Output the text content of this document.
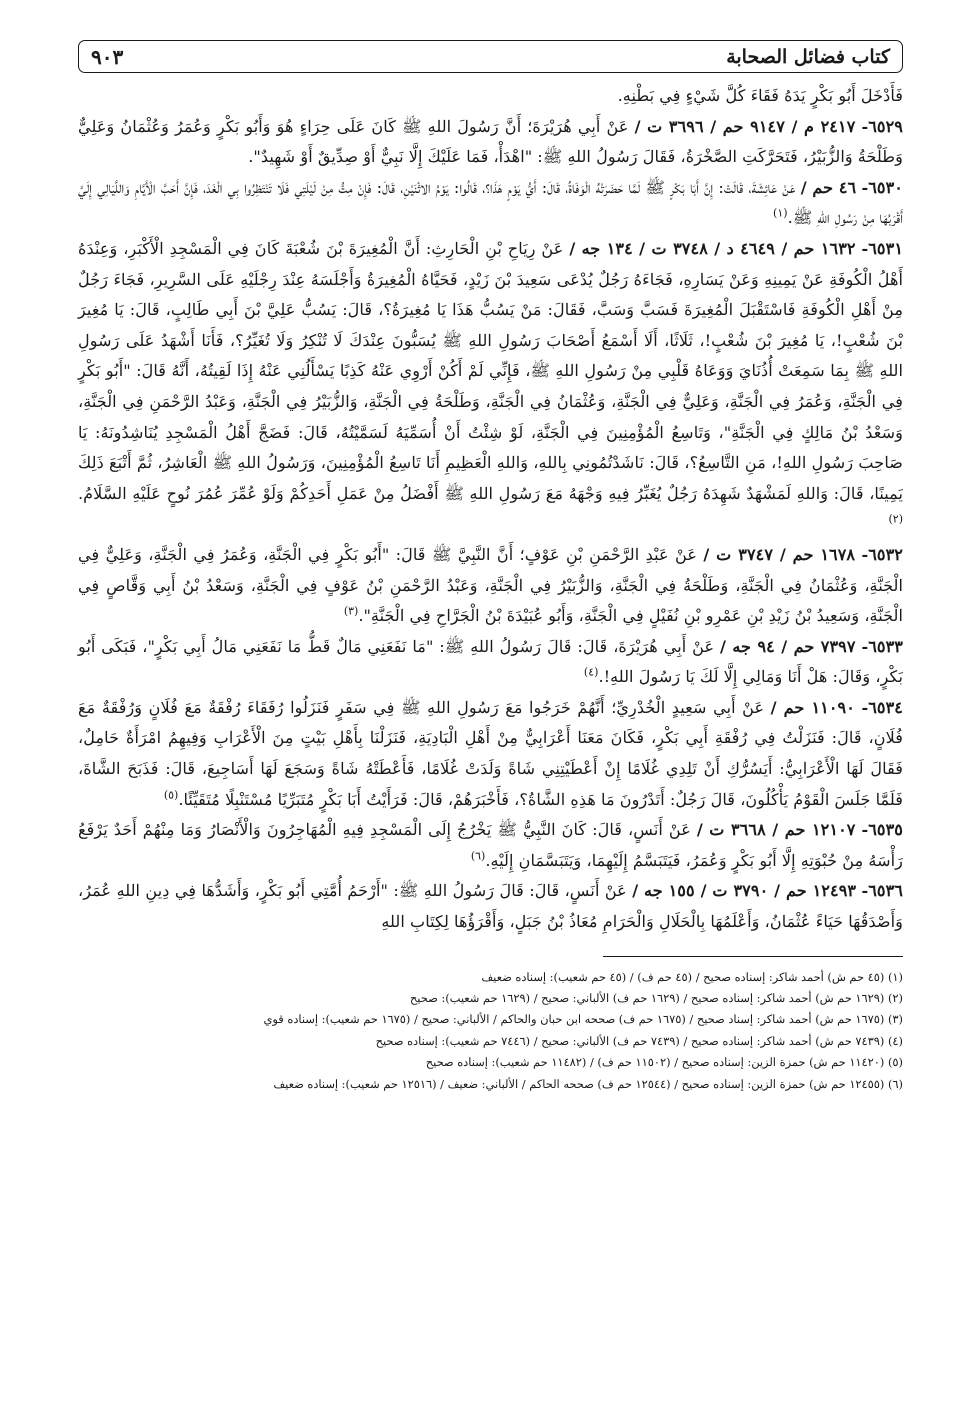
كتاب فضائل الصحابة
٩٠٣

فَأَدْخَلَ أَبُو بَكْرٍ يَدَهُ فَقَاءَ كُلَّ شَيْءٍ فِي بَطْنِهِ.

٦٥٢٩- ٢٤١٧ م / ٩١٤٧ حم / ٣٦٩٦ ت / عَنْ أَبِي هُرَيْرَةَ؛ أَنَّ رَسُولَ اللهِ ﷺ كَانَ عَلَى حِرَاءٍ هُوَ وَأَبُو بَكْرٍ وَعُمَرُ وَعُثْمَانُ وَعَلِيٌّ وَطَلْحَةُ وَالزُّبَيْرُ، فَتَحَرَّكَتِ الصَّخْرَةُ، فَقَالَ رَسُولُ اللهِ ﷺ: "اهْدَأْ، فَمَا عَلَيْكَ إِلَّا نَبِيٌّ أَوْ صِدِّيقٌ أَوْ شَهِيدٌ".

٦٥٣٠- ٤٦ حم / عَنْ عَائِشَةَ، قَالَتْ: إِنَّ أَبَا بَكْرٍ ﷺ لَمَّا حَضَرَتْهُ الْوَفَاةُ، قَالَ: أَيُّ يَوْمٍ هَذَا؟، قَالُوا: يَوْمُ الاثْنَيْنِ، قَالَ: فَإِنْ مِتُّ مِنْ لَيْلَتِي فَلَا تَنْتَظِرُوا بِي الْغَدَ، فَإِنَّ أَحَبَّ الْأَيَّامِ وَاللَّيَالِي إِلَيَّ أَقْرَبُهَا مِنْ رَسُولِ اللهِ ﷺ.$^{(١)}$

٦٥٣١- ١٦٣٢ حم / ٤٦٤٩ د / ٣٧٤٨ ت / ١٣٤ جه / عَنْ رِيَاحِ بْنِ الْحَارِثِ: أَنَّ الْمُغِيرَةَ بْنَ شُعْبَةَ كَانَ فِي الْمَسْجِدِ الْأَكْبَرِ، وَعِنْدَهُ أَهْلُ الْكُوفَةِ عَنْ يَمِينِهِ وَعَنْ يَسَارِهِ، فَجَاءَهُ رَجُلٌ يُدْعَى سَعِيدَ بْنَ زَيْدٍ، فَحَيَّاهُ الْمُغِيرَةُ وَأَجْلَسَهُ عِنْدَ رِجْلَيْهِ عَلَى السَّرِيرِ، فَجَاءَ رَجُلٌ مِنْ أَهْلِ الْكُوفَةِ فَاسْتَقْبَلَ الْمُغِيرَةَ فَسَبَّ وَسَبَّ، فَقَالَ: مَنْ يَسُبُّ هَذَا يَا مُغِيرَةُ؟، قَالَ: يَسُبُّ عَلِيَّ بْنَ أَبِي طَالِبٍ، قَالَ: يَا مُغِيرَ بْنَ شُعْبٍ!، يَا مُغِيرَ بْنَ شُعْبٍ!، ثَلَاثًا، أَلَا أَسْمَعُ أَصْحَابَ رَسُولِ اللهِ ﷺ يُسَبُّونَ عِنْدَكَ لَا تُنْكِرُ وَلَا تُغَيِّرُ؟، فَأَنَا أَشْهَدُ عَلَى رَسُولِ اللهِ ﷺ بِمَا سَمِعَتْ أُذُنَايَ وَوَعَاهُ قَلْبِي مِنْ رَسُولِ اللهِ ﷺ، فَإِنِّي لَمْ أَكُنْ أَرْوِي عَنْهُ كَذِبًا يَسْأَلُنِي عَنْهُ إِذَا لَقِيتُهُ، أَنَّهُ قَالَ: "أَبُو بَكْرٍ فِي الْجَنَّةِ، وَعُمَرُ فِي الْجَنَّةِ، وَعَلِيٌّ فِي الْجَنَّةِ، وَعُثْمَانُ فِي الْجَنَّةِ، وَطَلْحَةُ فِي الْجَنَّةِ، وَالزُّبَيْرُ فِي الْجَنَّةِ، وَعَبْدُ الرَّحْمَنِ فِي الْجَنَّةِ، وَسَعْدُ بْنُ مَالِكٍ فِي الْجَنَّةِ"، وَتَاسِعُ الْمُؤْمِنِينَ فِي الْجَنَّةِ، لَوْ شِئْتُ أَنْ أُسَمِّيَهُ لَسَمَّيْتُهُ، قَالَ: فَضَجَّ أَهْلُ الْمَسْجِدِ يُنَاشِدُونَهُ: يَا صَاحِبَ رَسُولِ اللهِ!، مَنِ التَّاسِعُ؟، قَالَ: نَاشَدْتُمُونِي بِاللهِ، وَاللهِ الْعَظِيمِ أَنَا تَاسِعُ الْمُؤْمِنِينَ، وَرَسُولُ اللهِ ﷺ الْعَاشِرُ، ثُمَّ أَتْبَعَ ذَلِكَ يَمِينًا، قَالَ: وَاللهِ لَمَشْهَدٌ شَهِدَهُ رَجُلٌ يُغَبِّرُ فِيهِ وَجْهَهُ مَعَ رَسُولِ اللهِ ﷺ أَفْضَلُ مِنْ عَمَلِ أَحَدِكُمْ وَلَوْ عُمِّرَ عُمُرَ نُوحٍ عَلَيْهِ السَّلَامُ.$^{(٢)}$

٦٥٣٢- ١٦٧٨ حم / ٣٧٤٧ ت / عَنْ عَبْدِ الرَّحْمَنِ بْنِ عَوْفٍ؛ أَنَّ النَّبِيَّ ﷺ قَالَ: "أَبُو بَكْرٍ فِي الْجَنَّةِ، وَعُمَرُ فِي الْجَنَّةِ، وَعَلِيٌّ فِي الْجَنَّةِ، وَعُثْمَانُ فِي الْجَنَّةِ، وَطَلْحَةُ فِي الْجَنَّةِ، وَالزُّبَيْرُ فِي الْجَنَّةِ، وَعَبْدُ الرَّحْمَنِ بْنُ عَوْفٍ فِي الْجَنَّةِ، وَسَعْدُ بْنُ أَبِي وَقَّاصٍ فِي الْجَنَّةِ، وَسَعِيدُ بْنُ زَيْدِ بْنِ عَمْرِو بْنِ نُفَيْلٍ فِي الْجَنَّةِ، وَأَبُو عُبَيْدَةَ بْنُ الْجَرَّاحِ فِي الْجَنَّةِ".$^{(٣)}$

٦٥٣٣- ٧٣٩٧ حم / ٩٤ جه / عَنْ أَبِي هُرَيْرَةَ، قَالَ: قَالَ رَسُولُ اللهِ ﷺ: "مَا نَفَعَنِي مَالٌ قَطُّ مَا نَفَعَنِي مَالُ أَبِي بَكْرٍ"، فَبَكَى أَبُو بَكْرٍ، وَقَالَ: هَلْ أَنَا وَمَالِي إِلَّا لَكَ يَا رَسُولَ اللهِ!.$^{(٤)}$

٦٥٣٤- ١١٠٩٠ حم / عَنْ أَبِي سَعِيدٍ الْخُدْرِيِّ؛ أَنَّهُمْ خَرَجُوا مَعَ رَسُولِ اللهِ ﷺ فِي سَفَرٍ فَنَزَلُوا رُفَقَاءَ رُفْقَةٌ مَعَ فُلَانٍ وَرُفْقَةٌ مَعَ فُلَانٍ، قَالَ: فَنَزَلْتُ فِي رُفْقَةِ أَبِي بَكْرٍ، فَكَانَ مَعَنَا أَعْرَابِيٌّ مِنْ أَهْلِ الْبَادِيَةِ، فَنَزَلْنَا بِأَهْلِ بَيْتٍ مِنَ الْأَعْرَابِ وَفِيهِمُ امْرَأَةٌ حَامِلٌ، فَقَالَ لَهَا الْأَعْرَابِيُّ: أَيَسُرُّكِ أَنْ تَلِدِي غُلَامًا إِنْ أَعْطَيْتِنِي شَاةً وَلَدَتْ غُلَامًا، فَأَعْطَتْهُ شَاةً وَسَجَعَ لَهَا أَسَاجِيعَ، قَالَ: فَذَبَحَ الشَّاةَ، فَلَمَّا جَلَسَ الْقَوْمُ يَأْكُلُونَ، قَالَ رَجُلٌ: أَتَدْرُونَ مَا هَذِهِ الشَّاةُ؟، فَأَخْبَرَهُمْ، قَالَ: فَرَأَيْتُ أَبَا بَكْرٍ مُتَبَرِّيًا مُسْتَنْبِلًا مُتَقَيِّئًا.$^{(٥)}$

٦٥٣٥- ١٢١٠٧ حم / ٣٦٦٨ ت / عَنْ أَنَسٍ، قَالَ: كَانَ النَّبِيُّ ﷺ يَخْرُجُ إِلَى الْمَسْجِدِ فِيهِ الْمُهَاجِرُونَ وَالْأَنْصَارُ وَمَا مِنْهُمْ أَحَدٌ يَرْفَعُ رَأْسَهُ مِنْ حُبْوَتِهِ إِلَّا أَبُو بَكْرٍ وَعُمَرُ، فَيَتَبَسَّمُ إِلَيْهِمَا، وَيَتَبَسَّمَانِ إِلَيْهِ.$^{(٦)}$

٦٥٣٦- ١٢٤٩٣ حم / ٣٧٩٠ ت / ١٥٥ جه / عَنْ أَنَسٍ، قَالَ: قَالَ رَسُولُ اللهِ ﷺ: "أَرْحَمُ أُمَّتِي أَبُو بَكْرٍ، وَأَشَدُّهَا فِي دِينِ اللهِ عُمَرُ، وَأَصْدَقُهَا حَيَاءً عُثْمَانُ، وَأَعْلَمُهَا بِالْحَلَالِ وَالْحَرَامِ مُعَاذُ بْنُ جَبَلٍ، وَأَقْرَؤُهَا لِكِتَابِ اللهِ

(١) (٤٥ حم ش) أحمد شاكر: إسناده صحيح / (٤٥ حم ف) / (٤٥ حم شعيب): إسناده ضعيف
(٢) (١٦٢٩ حم ش) أحمد شاكر: إسناده صحيح / (١٦٢٩ حم ف) الألباني: صحيح / (١٦٢٩ حم شعيب): صحيح
(٣) (١٦٧٥ حم ش) أحمد شاكر: إسناد صحيح / (١٦٧٥ حم ف) صححه ابن حبان والحاكم / الألباني: صحيح / (١٦٧٥ حم شعيب): إسناده قوي
(٤) (٧٤٣٩ حم ش) أحمد شاكر: إسناده صحيح / (٧٤٣٩ حم ف) الألباني: صحيح / (٧٤٤٦ حم شعيب): إسناده صحيح
(٥) (١١٤٢٠ حم ش) حمزة الزين: إسناده صحيح / (١١٥٠٢ حم ف) / (١١٤٨٢ حم شعيب): إسناده صحيح
(٦) (١٢٤٥٥ حم ش) حمزة الزين: إسناده صحيح / (١٢٥٤٤ حم ف) صححه الحاكم / الألباني: ضعيف / (١٢٥١٦ حم شعيب): إسناده ضعيف
